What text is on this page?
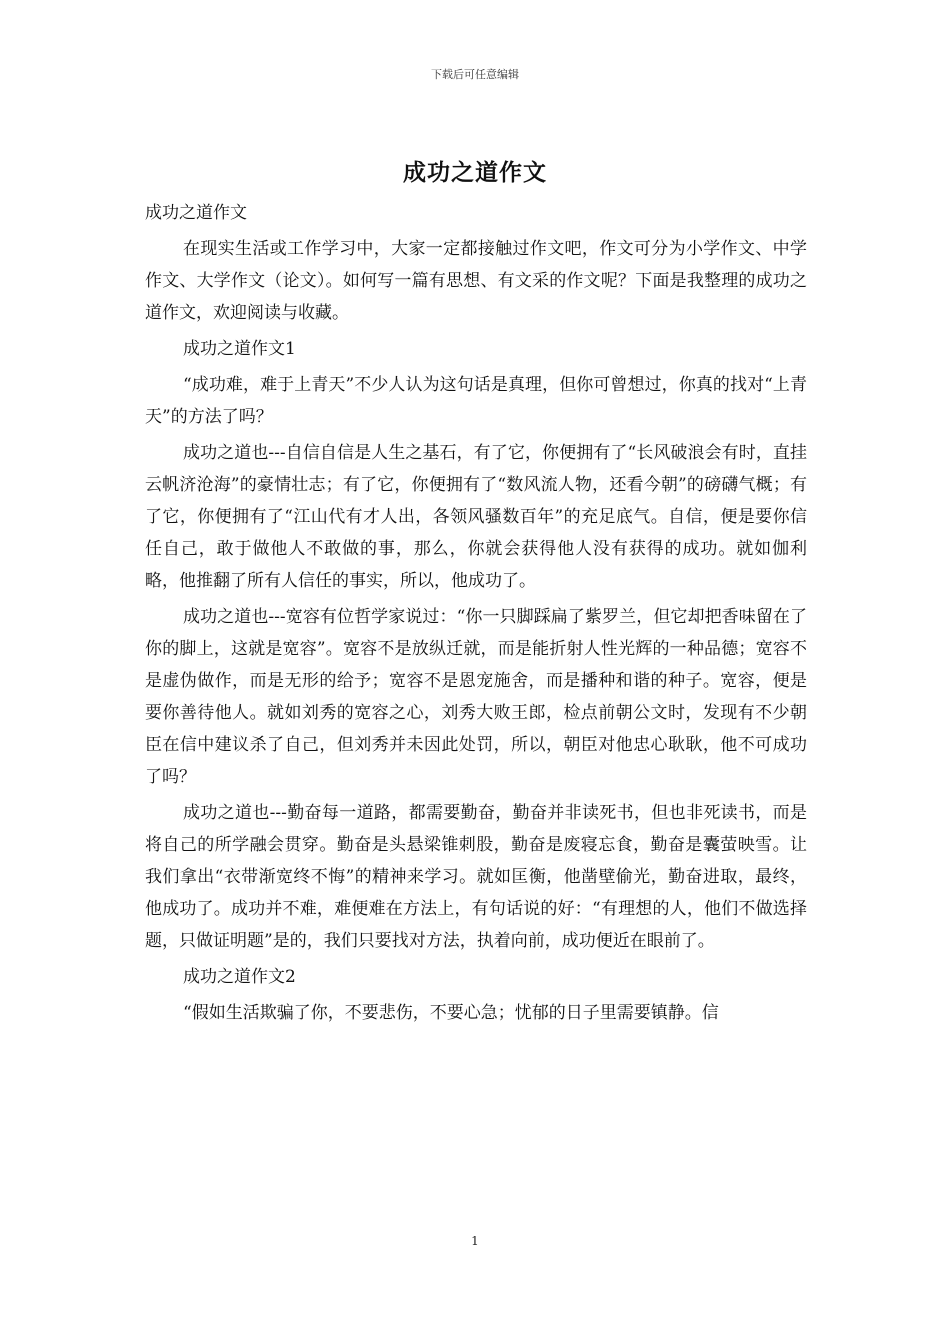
下载后可任意编辑
成功之道作文

成功之道作文

在现实生活或工作学习中，大家一定都接触过作文吧，作文可分为小学作文、中学作文、大学作文（论文）。如何写一篇有思想、有文采的作文呢？下面是我整理的成功之道作文，欢迎阅读与收藏。

成功之道作文1

“成功难，难于上青天”不少人认为这句话是真理，但你可曾想过，你真的找对“上青天”的方法了吗？

成功之道也---自信自信是人生之基石，有了它，你便拥有了“长风破浪会有时，直挂云帆济沧海”的豪情壮志；有了它，你便拥有了“数风流人物，还看今朝”的磅礴气概；有了它，你便拥有了“江山代有才人出，各领风骚数百年”的充足底气。自信，便是要你信任自己，敢于做他人不敢做的事，那么，你就会获得他人没有获得的成功。就如伽利略，他推翻了所有人信任的事实，所以，他成功了。

成功之道也---宽容有位哲学家说过：“你一只脚踩扁了紫罗兰，但它却把香味留在了你的脚上，这就是宽容”。宽容不是放纵迁就，而是能折射人性光辉的一种品德；宽容不是虚伪做作，而是无形的给予；宽容不是恩宠施舍，而是播种和谐的种子。宽容，便是要你善待他人。就如刘秀的宽容之心，刘秀大败王郎，检点前朝公文时，发现有不少朝臣在信中建议杀了自己，但刘秀并未因此处罚，所以，朝臣对他忠心耿耿，他不可成功了吗？

成功之道也---勤奋每一道路，都需要勤奋，勤奋并非读死书，但也非死读书，而是将自己的所学融会贯穿。勤奋是头悬梁锥刺股，勤奋是废寝忘食，勤奋是囊萤映雪。让我们拿出“衣带渐宽终不悔”的精神来学习。就如匡衡，他凿壁偷光，勤奋进取，最终，他成功了。成功并不难，难便难在方法上，有句话说的好：“有理想的人，他们不做选择题，只做证明题”是的，我们只要找对方法，执着向前，成功便近在眼前了。

成功之道作文2

“假如生活欺骗了你，不要悲伤，不要心急；忧郁的日子里需要镇静。信

1
